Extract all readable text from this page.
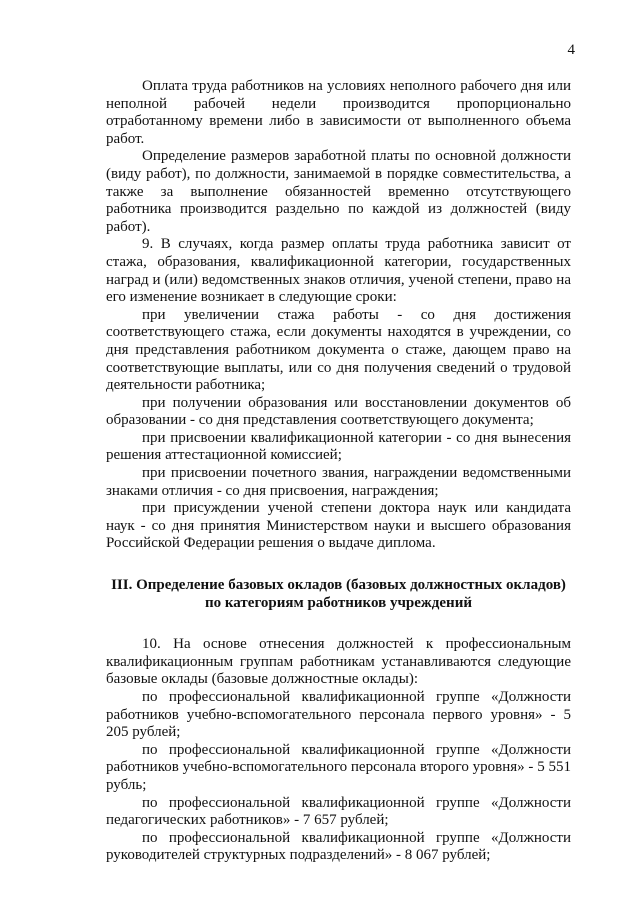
4

Оплата труда работников на условиях неполного рабочего дня или неполной рабочей недели производится пропорционально отработанному времени либо в зависимости от выполненного объема работ.

Определение размеров заработной платы по основной должности (виду работ), по должности, занимаемой в порядке совместительства, а также за выполнение обязанностей временно отсутствующего работника производится раздельно по каждой из должностей (виду работ).

9. В случаях, когда размер оплаты труда работника зависит от стажа, образования, квалификационной категории, государственных наград и (или) ведомственных знаков отличия, ученой степени, право на его изменение возникает в следующие сроки:

при увеличении стажа работы - со дня достижения соответствующего стажа, если документы находятся в учреждении, со дня представления работником документа о стаже, дающем право на соответствующие выплаты, или со дня получения сведений о трудовой деятельности работника;

при получении образования или восстановлении документов об образовании - со дня представления соответствующего документа;

при присвоении квалификационной категории - со дня вынесения решения аттестационной комиссией;

при присвоении почетного звания, награждении ведомственными знаками отличия - со дня присвоения, награждения;

при присуждении ученой степени доктора наук или кандидата наук - со дня принятия Министерством науки и высшего образования Российской Федерации решения о выдаче диплома.

III. Определение базовых окладов (базовых должностных окладов)
по категориям работников учреждений

10. На основе отнесения должностей к профессиональным квалификационным группам работникам устанавливаются следующие базовые оклады (базовые должностные оклады):

по профессиональной квалификационной группе «Должности работников учебно-вспомогательного персонала первого уровня» - 5 205 рублей;

по профессиональной квалификационной группе «Должности работников учебно-вспомогательного персонала второго уровня» - 5 551 рубль;

по профессиональной квалификационной группе «Должности педагогических работников» - 7 657 рублей;

по профессиональной квалификационной группе «Должности руководителей структурных подразделений» - 8 067 рублей;
